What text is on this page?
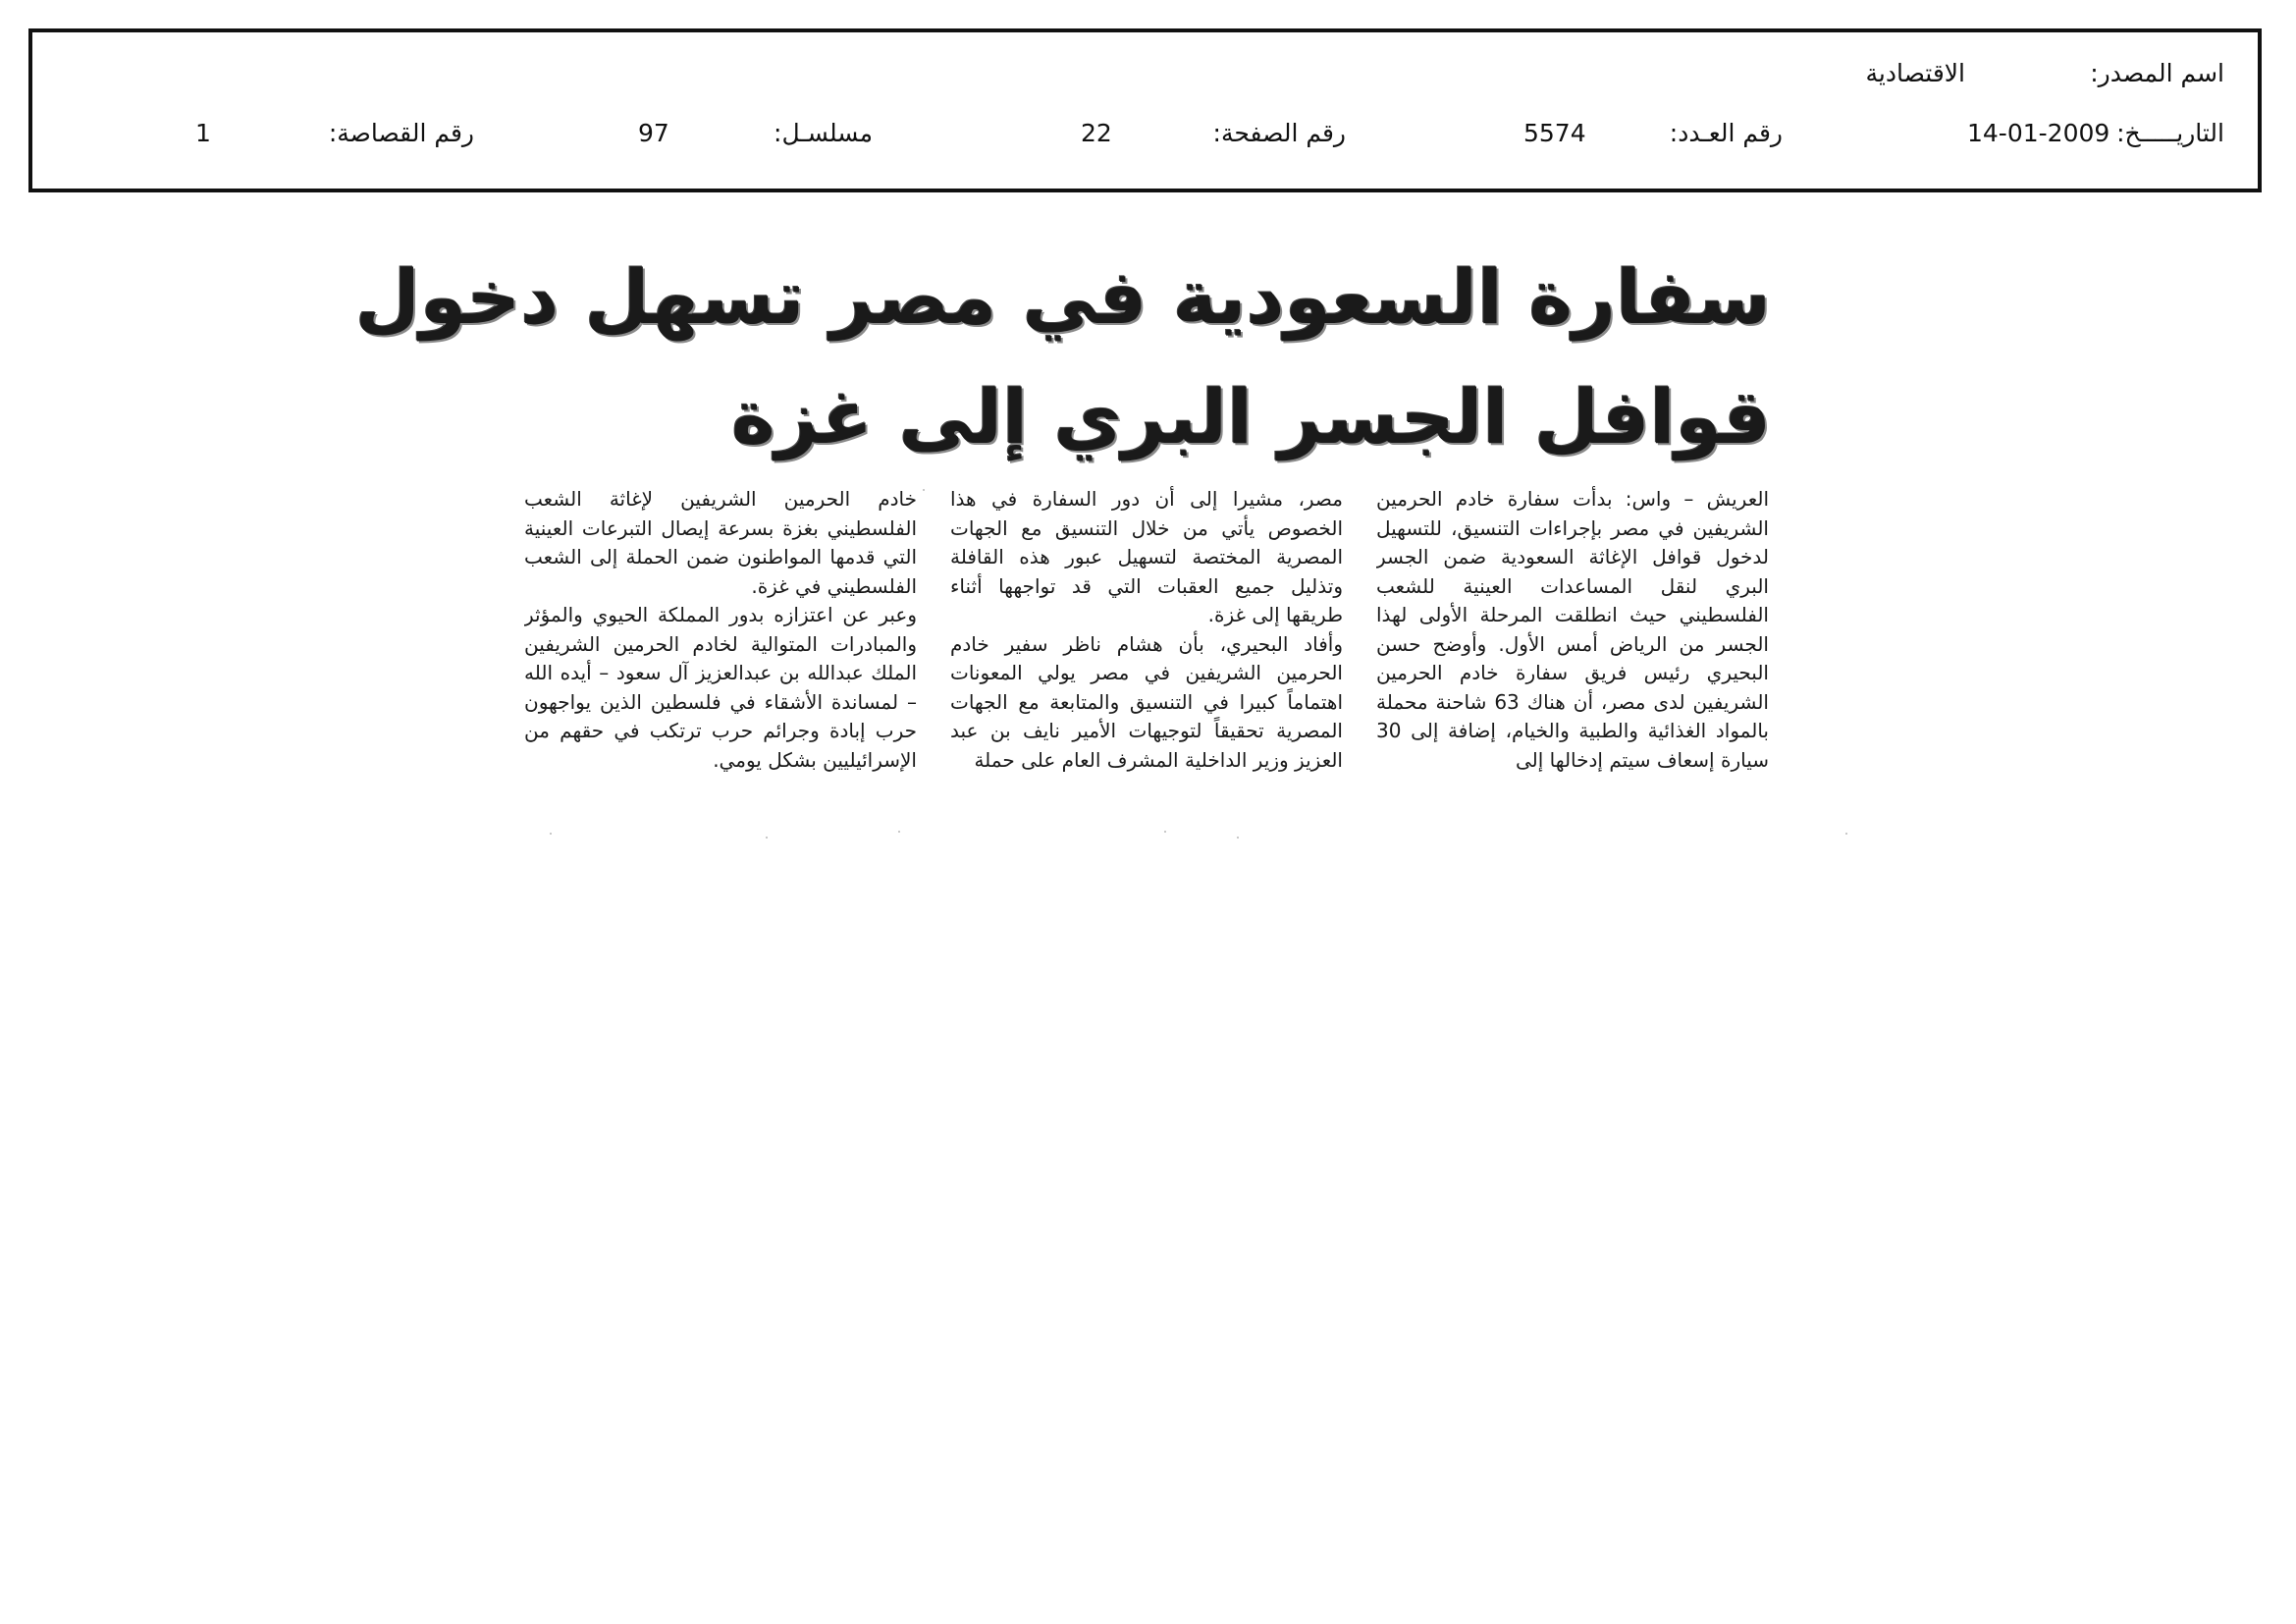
اسم المصدر:
الاقتصادية
التاريـــــخ:
14-01-2009
رقم العـدد:
5574
رقم الصفحة:
22
مسلسـل:
97
رقم القصاصة:
1
سفارة السعودية في مصر تسهل دخول
قوافل الجسر البري إلى غزة

العريش – واس: بدأت سفارة خادم الحرمين الشريفين في مصر بإجراءات التنسيق، للتسهيل لدخول قوافل الإغاثة السعودية ضمن الجسر البري لنقل المساعدات العينية للشعب الفلسطيني حيث انطلقت المرحلة الأولى لهذا الجسر من الرياض أمس الأول. وأوضح حسن البحيري رئيس فريق سفارة خادم الحرمين الشريفين لدى مصر، أن هناك 63 شاحنة محملة بالمواد الغذائية والطبية والخيام، إضافة إلى 30 سيارة إسعاف سيتم إدخالها إلى

مصر، مشيرا إلى أن دور السفارة في هذا الخصوص يأتي من خلال التنسيق مع الجهات المصرية المختصة لتسهيل عبور هذه القافلة وتذليل جميع العقبات التي قد تواجهها أثناء طريقها إلى غزة.

وأفاد البحيري، بأن هشام ناظر سفير خادم الحرمين الشريفين في مصر يولي المعونات اهتماماً كبيرا في التنسيق والمتابعة مع الجهات المصرية تحقيقاً لتوجيهات الأمير نايف بن عبد العزيز وزير الداخلية المشرف العام على حملة

خادم الحرمين الشريفين لإغاثة الشعب الفلسطيني بغزة بسرعة إيصال التبرعات العينية التي قدمها المواطنون ضمن الحملة إلى الشعب الفلسطيني في غزة.

وعبر عن اعتزازه بدور المملكة الحيوي والمؤثر والمبادرات المتوالية لخادم الحرمين الشريفين الملك عبدالله بن عبدالعزيز آل سعود – أيده الله – لمساندة الأشقاء في فلسطين الذين يواجهون حرب إبادة وجرائم حرب ترتكب في حقهم من الإسرائيليين بشكل يومي.
